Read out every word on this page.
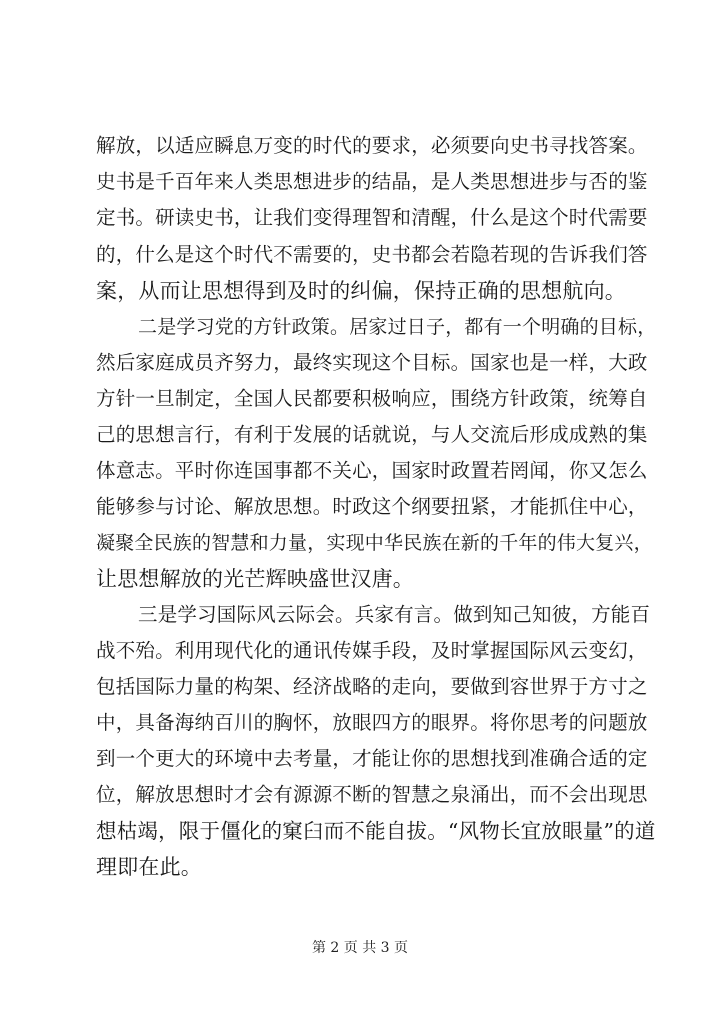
解放，以适应瞬息万变的时代的要求，必须要向史书寻找答案。
史书是千百年来人类思想进步的结晶，是人类思想进步与否的鉴
定书。研读史书，让我们变得理智和清醒，什么是这个时代需要
的，什么是这个时代不需要的，史书都会若隐若现的告诉我们答
案，从而让思想得到及时的纠偏，保持正确的思想航向。
二是学习党的方针政策。居家过日子，都有一个明确的目标，
然后家庭成员齐努力，最终实现这个目标。国家也是一样，大政
方针一旦制定，全国人民都要积极响应，围绕方针政策，统筹自
己的思想言行，有利于发展的话就说，与人交流后形成成熟的集
体意志。平时你连国事都不关心，国家时政置若罔闻，你又怎么
能够参与讨论、解放思想。时政这个纲要扭紧，才能抓住中心，
凝聚全民族的智慧和力量，实现中华民族在新的千年的伟大复兴，
让思想解放的光芒辉映盛世汉唐。
三是学习国际风云际会。兵家有言。做到知己知彼，方能百
战不殆。利用现代化的通讯传媒手段，及时掌握国际风云变幻，
包括国际力量的构架、经济战略的走向，要做到容世界于方寸之
中，具备海纳百川的胸怀，放眼四方的眼界。将你思考的问题放
到一个更大的环境中去考量，才能让你的思想找到准确合适的定
位，解放思想时才会有源源不断的智慧之泉涌出，而不会出现思
想枯竭，限于僵化的窠臼而不能自拔。“风物长宜放眼量”的道
理即在此。
第 2 页 共 3 页
